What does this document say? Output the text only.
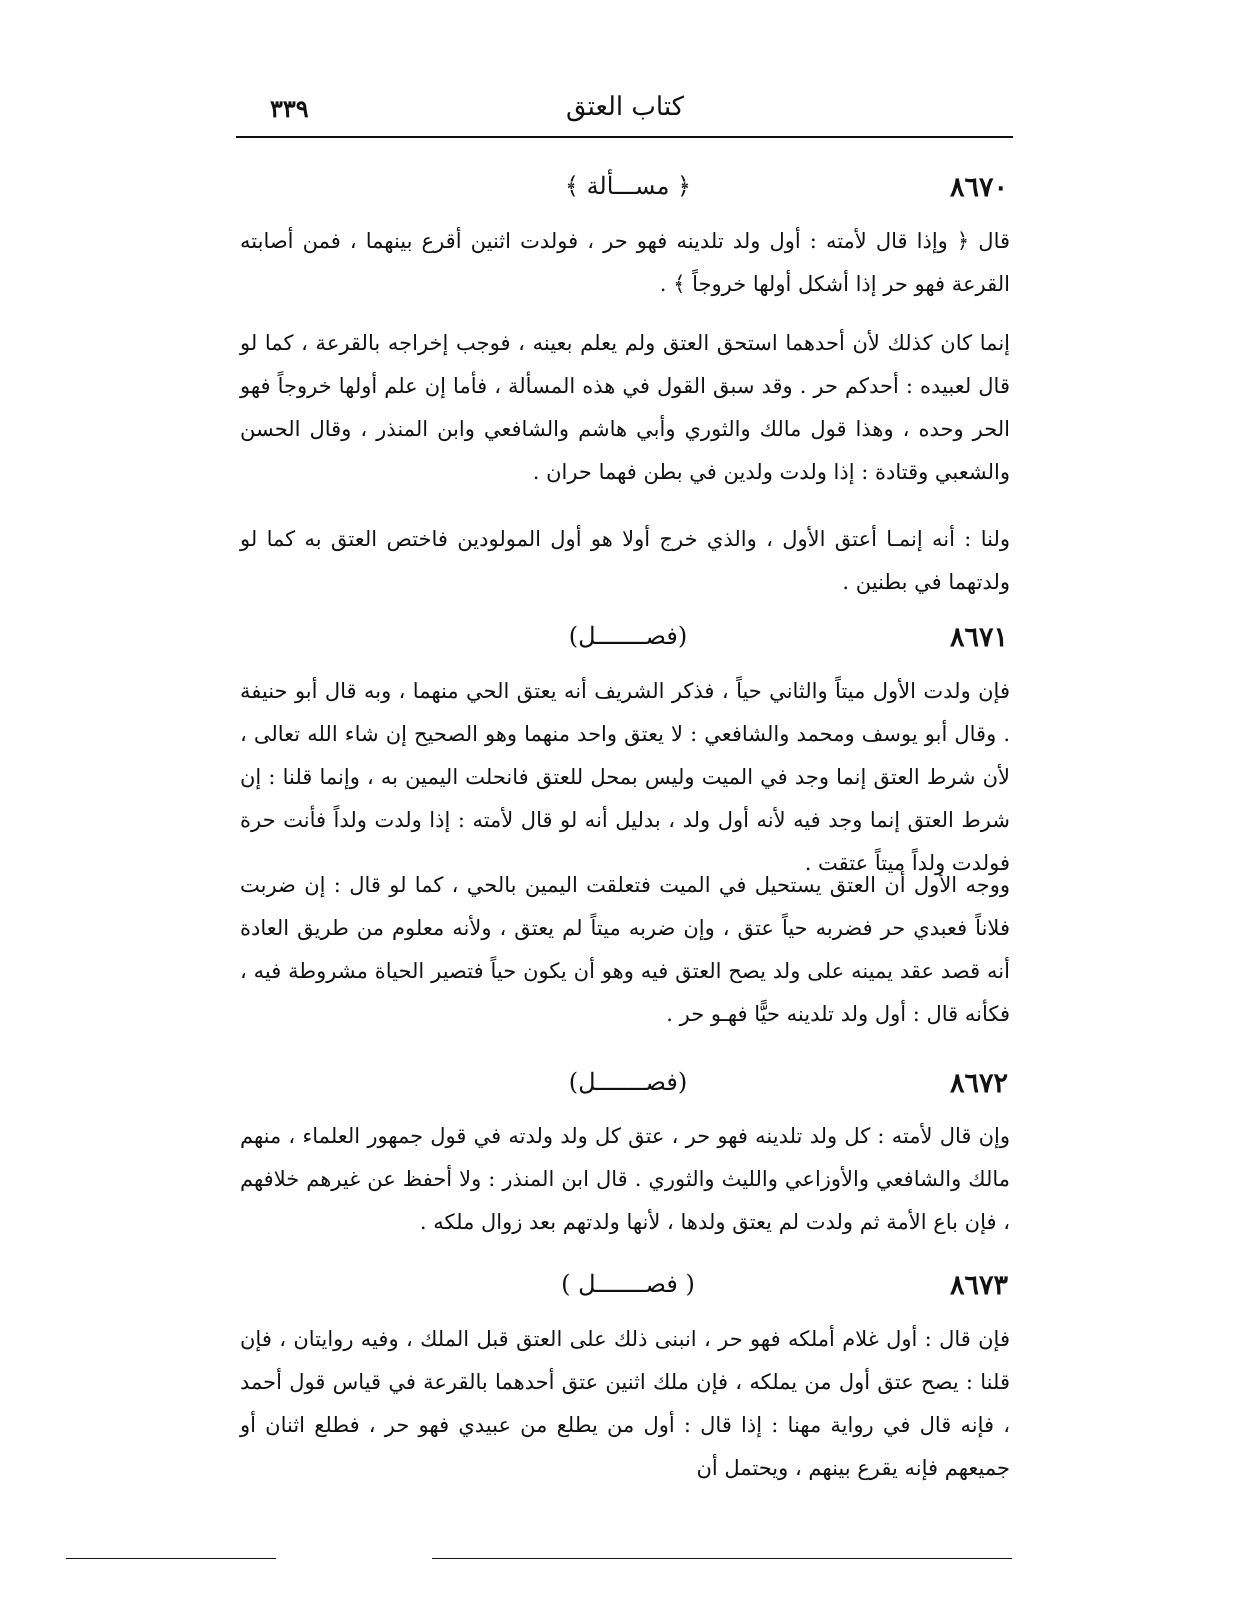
٣٣٩	كتاب العتق
٨٦٧٠
﴿ مســـألة ﴾

قال ﴿ وإذا قال لأمته : أول ولد تلدينه فهو حر ، فولدت اثنين أقرع بينهما ، فمن أصابته القرعة فهو حر إذا أشكل أولها خروجاً ﴾ .

إنما كان كذلك لأن أحدهما استحق العتق ولم يعلم بعينه ، فوجب إخراجه بالقرعة ، كما لو قال لعبيده : أحدكم حر . وقد سبق القول في هذه المسألة ، فأما إن علم أولها خروجاً فهو الحر وحده ، وهذا قول مالك والثوري وأبي هاشم والشافعي وابن المنذر ، وقال الحسن والشعبي وقتادة : إذا ولدت ولدين في بطن فهما حران .

ولنا : أنه إنمـا أعتق الأول ، والذي خرج أولا هو أول المولودين فاختص العتق به كما لو ولدتهما في بطنين .

٨٦٧١
(فصـــــــل)

فإن ولدت الأول ميتاً والثاني حياً ، فذكر الشريف أنه يعتق الحي منهما ، وبه قال أبو حنيفة . وقال أبو يوسف ومحمد والشافعي : لا يعتق واحد منهما وهو الصحيح إن شاء الله تعالى ، لأن شرط العتق إنما وجد في الميت وليس بمحل للعتق فانحلت اليمين به ، وإنما قلنا : إن شرط العتق إنما وجد فيه لأنه أول ولد ، بدليل أنه لو قال لأمته : إذا ولدت ولداً فأنت حرة فولدت ولداً ميتاً عتقت .

ووجه الأول أن العتق يستحيل في الميت فتعلقت اليمين بالحي ، كما لو قال : إن ضربت فلاناً فعبدي حر فضربه حياً عتق ، وإن ضربه ميتاً لم يعتق ، ولأنه معلوم من طريق العادة أنه قصد عقد يمينه على ولد يصح العتق فيه وهو أن يكون حياً فتصير الحياة مشروطة فيه ، فكأنه قال : أول ولد تلدينه حيًّا فهـو حر .

٨٦٧٢
(فصـــــــل)

وإن قال لأمته : كل ولد تلدينه فهو حر ، عتق كل ولد ولدته في قول جمهور العلماء ، منهم مالك والشافعي والأوزاعي والليث والثوري . قال ابن المنذر : ولا أحفظ عن غيرهم خلافهم ، فإن باع الأمة ثم ولدت لم يعتق ولدها ، لأنها ولدتهم بعد زوال ملكه .

٨٦٧٣
( فصـــــــل )

فإن قال : أول غلام أملكه فهو حر ، انبنى ذلك على العتق قبل الملك ، وفيه روايتان ، فإن قلنا : يصح عتق أول من يملكه ، فإن ملك اثنين عتق أحدهما بالقرعة في قياس قول أحمد ، فإنه قال في رواية مهنا : إذا قال : أول من يطلع من عبيدي فهو حر ، فطلع اثنان أو جميعهم فإنه يقرع بينهم ، ويحتمل أن
